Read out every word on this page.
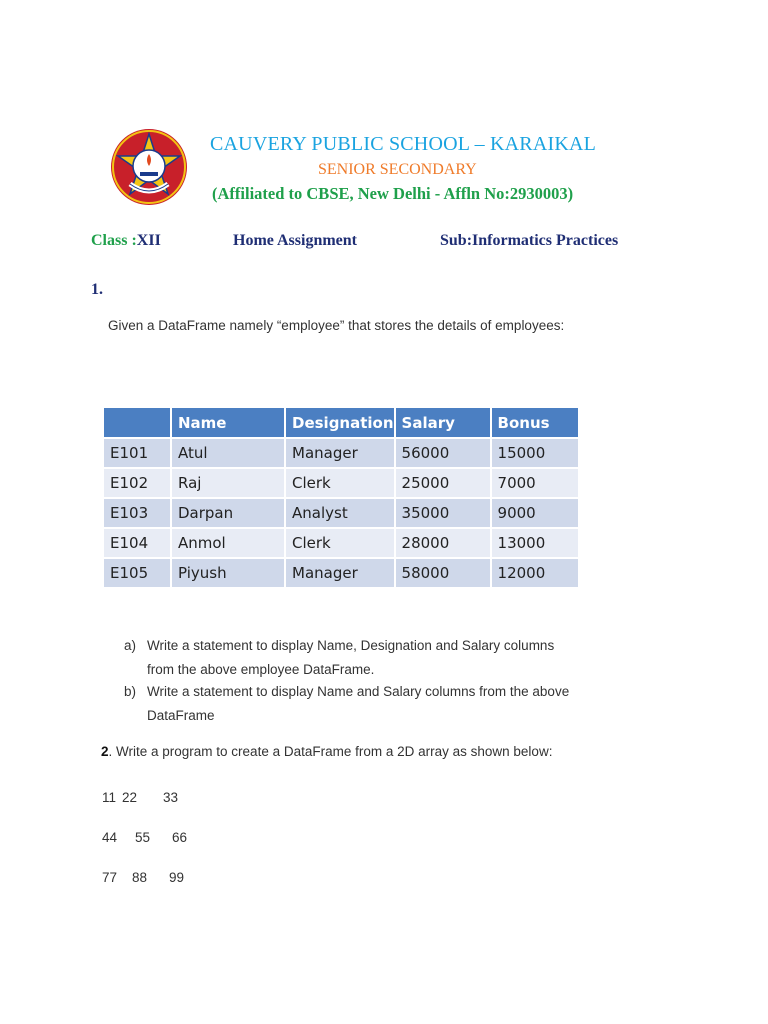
CAUVERY PUBLIC SCHOOL – KARAIKAL
SENIOR SECONDARY
(Affiliated to CBSE, New Delhi - Affln No:2930003)
Class :XII	Home Assignment	Sub:Informatics Practices
1.
Given a DataFrame namely “employee” that stores the details of employees:
	Name	Designation	Salary	Bonus
E101	Atul	Manager	56000	15000
E102	Raj	Clerk	25000	7000
E103	Darpan	Analyst	35000	9000
E104	Anmol	Clerk	28000	13000
E105	Piyush	Manager	58000	12000
a) Write a statement to display Name, Designation and Salary columns from the above employee DataFrame.
b) Write a statement to display Name and Salary columns from the above DataFrame
2. Write a program to create a DataFrame from a 2D array as shown below:
11 22 33
44 55 66
77 88 99
